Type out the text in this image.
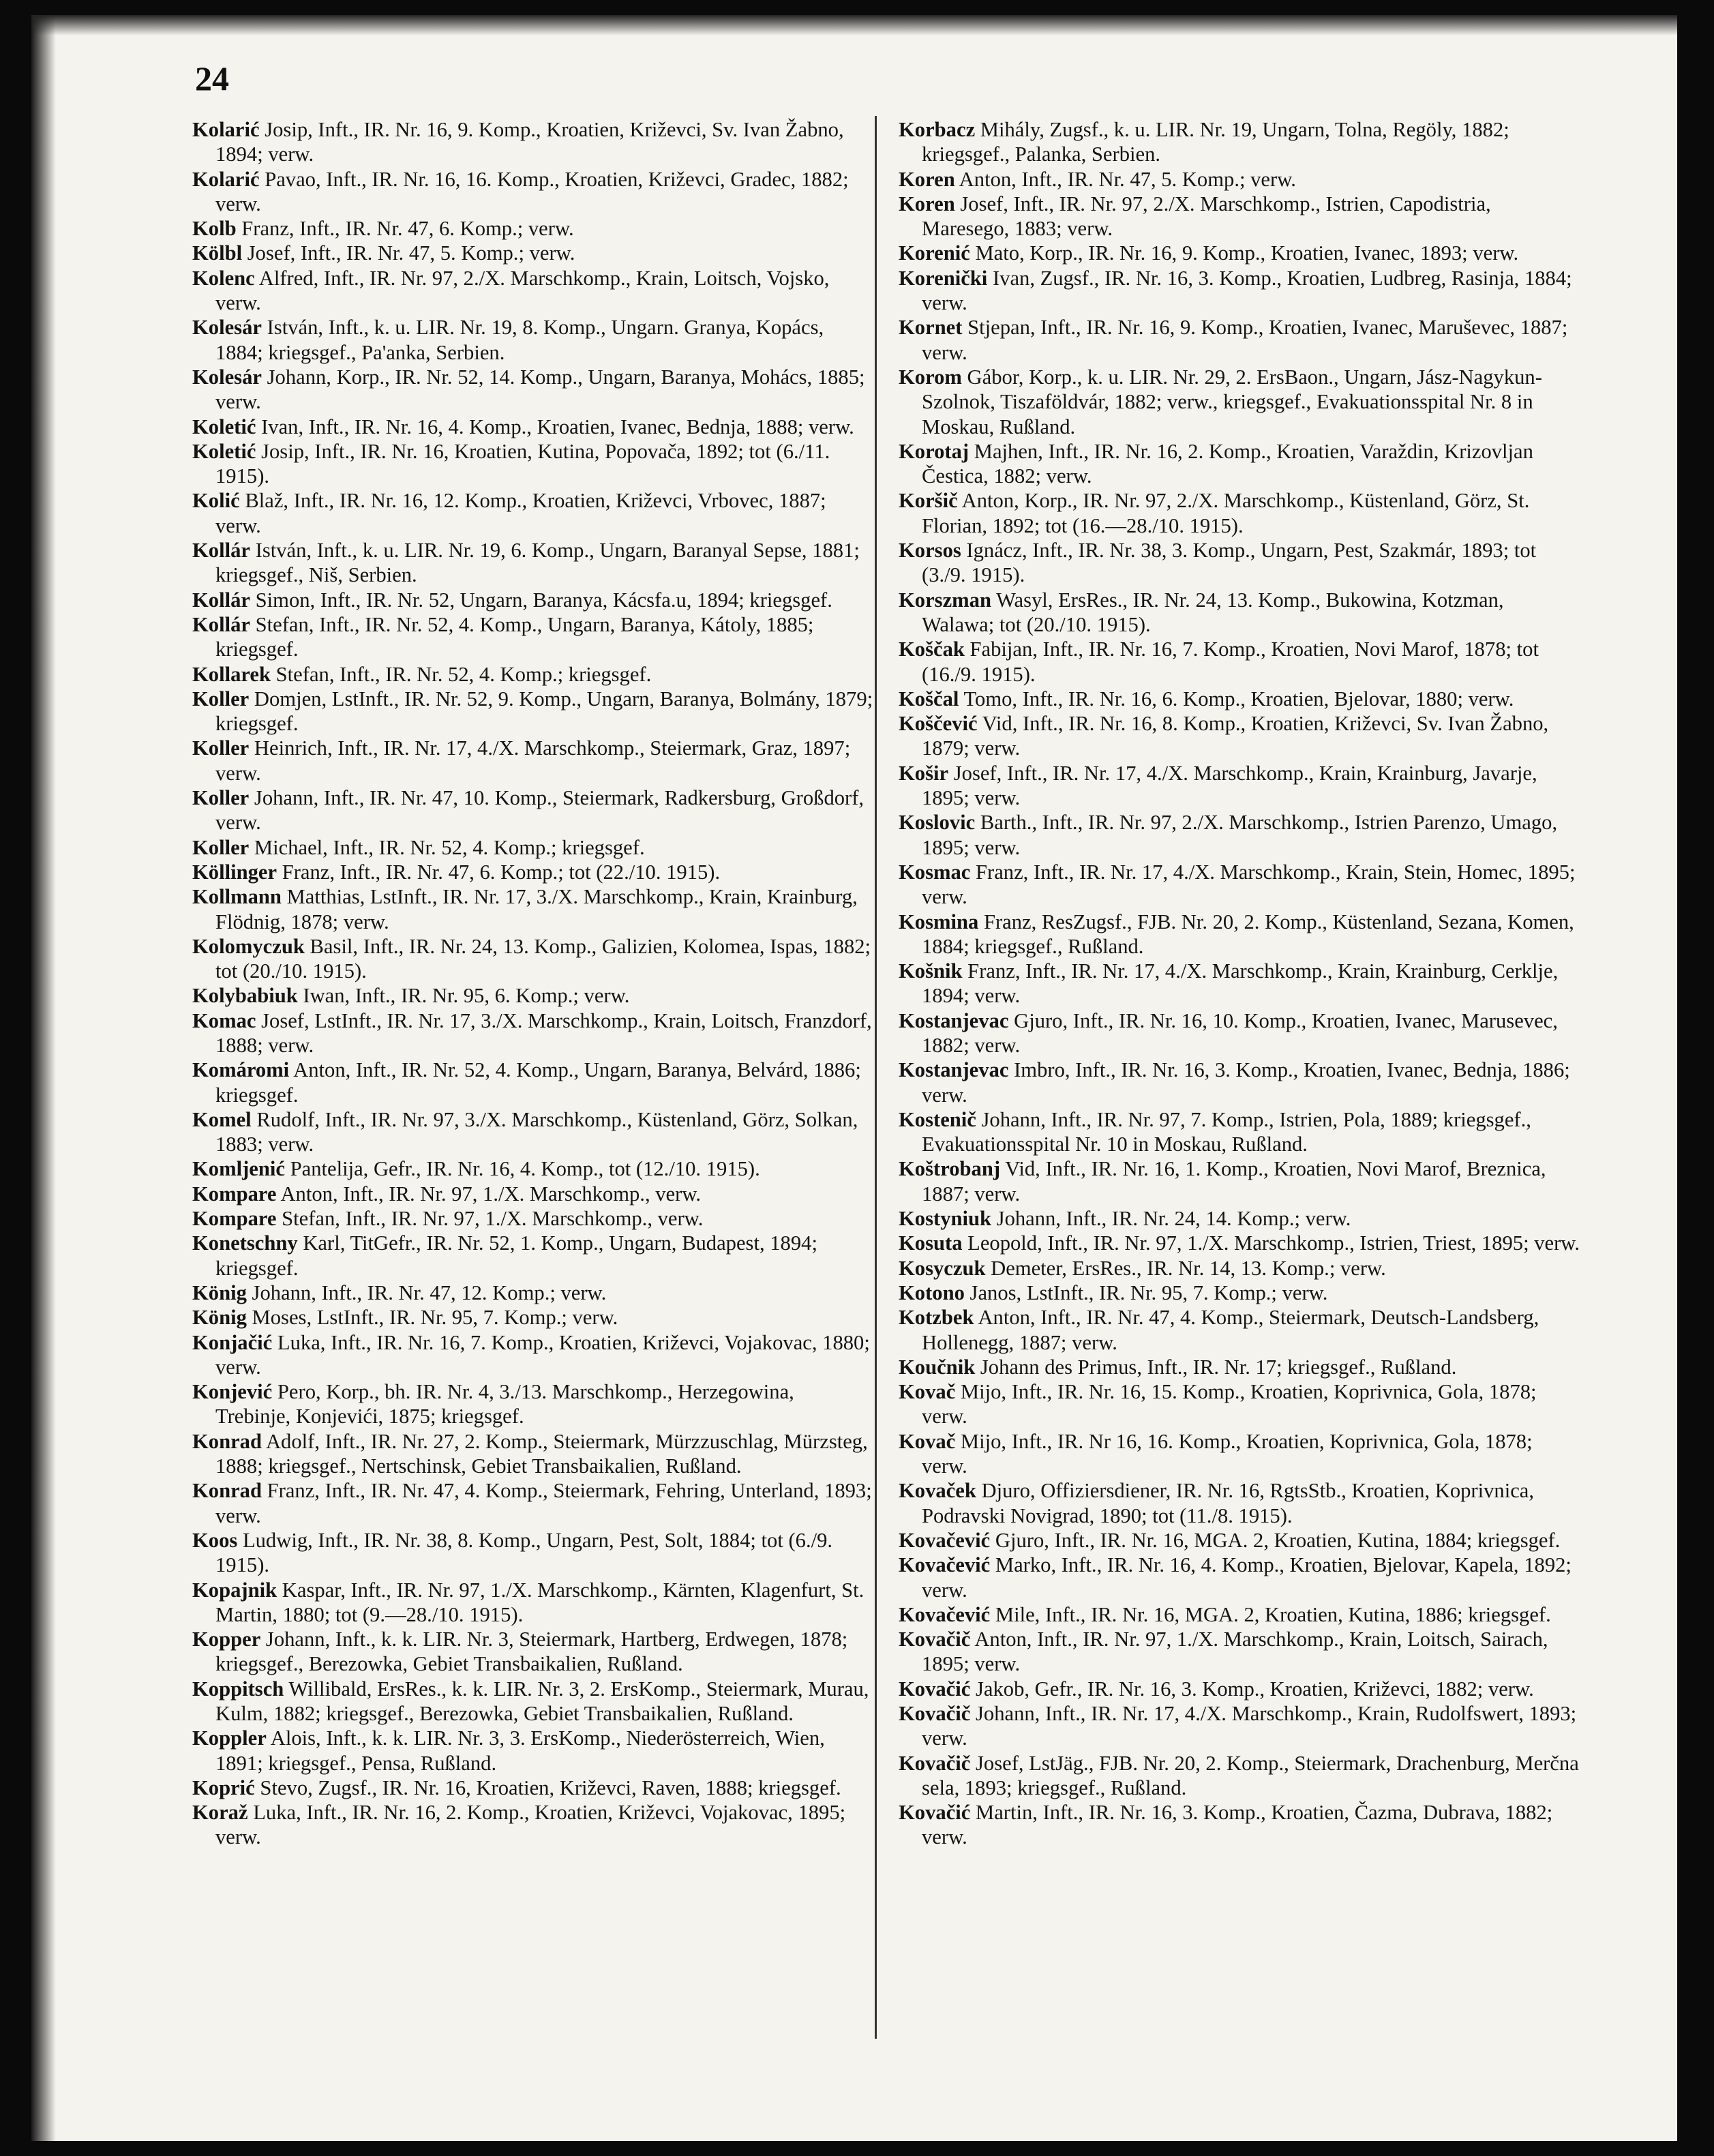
24

Kolarić Josip, Inft., IR. Nr. 16, 9. Komp., Kroatien, Križevci, Sv. Ivan Žabno, 1894; verw.

Kolarić Pavao, Inft., IR. Nr. 16, 16. Komp., Kroatien, Križevci, Gradec, 1882; verw.

Kolb Franz, Inft., IR. Nr. 47, 6. Komp.; verw.

Kölbl Josef, Inft., IR. Nr. 47, 5. Komp.; verw.

Kolenc Alfred, Inft., IR. Nr. 97, 2./X. Marschkomp., Krain, Loitsch, Vojsko, verw.

Kolesár István, Inft., k. u. LIR. Nr. 19, 8. Komp., Ungarn. Granya, Kopács, 1884; kriegsgef., Pa'anka, Serbien.

Kolesár Johann, Korp., IR. Nr. 52, 14. Komp., Ungarn, Baranya, Mohács, 1885; verw.

Koletić Ivan, Inft., IR. Nr. 16, 4. Komp., Kroatien, Ivanec, Bednja, 1888; verw.

Koletić Josip, Inft., IR. Nr. 16, Kroatien, Kutina, Popovača, 1892; tot (6./11. 1915).

Kolić Blaž, Inft., IR. Nr. 16, 12. Komp., Kroatien, Križevci, Vrbovec, 1887; verw.

Kollár István, Inft., k. u. LIR. Nr. 19, 6. Komp., Ungarn, Baranyal Sepse, 1881; kriegsgef., Niš, Serbien.

Kollár Simon, Inft., IR. Nr. 52, Ungarn, Baranya, Kácsfa.u, 1894; kriegsgef.

Kollár Stefan, Inft., IR. Nr. 52, 4. Komp., Ungarn, Baranya, Kátoly, 1885; kriegsgef.

Kollarek Stefan, Inft., IR. Nr. 52, 4. Komp.; kriegsgef.

Koller Domjen, LstInft., IR. Nr. 52, 9. Komp., Ungarn, Baranya, Bolmány, 1879; kriegsgef.

Koller Heinrich, Inft., IR. Nr. 17, 4./X. Marschkomp., Steiermark, Graz, 1897; verw.

Koller Johann, Inft., IR. Nr. 47, 10. Komp., Steiermark, Radkersburg, Großdorf, verw.

Koller Michael, Inft., IR. Nr. 52, 4. Komp.; kriegsgef.

Köllinger Franz, Inft., IR. Nr. 47, 6. Komp.; tot (22./10. 1915).

Kollmann Matthias, LstInft., IR. Nr. 17, 3./X. Marschkomp., Krain, Krainburg, Flödnig, 1878; verw.

Kolomyczuk Basil, Inft., IR. Nr. 24, 13. Komp., Galizien, Kolomea, Ispas, 1882; tot (20./10. 1915).

Kolybabiuk Iwan, Inft., IR. Nr. 95, 6. Komp.; verw.

Komac Josef, LstInft., IR. Nr. 17, 3./X. Marschkomp., Krain, Loitsch, Franzdorf, 1888; verw.

Komáromi Anton, Inft., IR. Nr. 52, 4. Komp., Ungarn, Baranya, Belvárd, 1886; kriegsgef.

Komel Rudolf, Inft., IR. Nr. 97, 3./X. Marschkomp., Küstenland, Görz, Solkan, 1883; verw.

Komljenić Pantelija, Gefr., IR. Nr. 16, 4. Komp., tot (12./10. 1915).

Kompare Anton, Inft., IR. Nr. 97, 1./X. Marschkomp., verw.

Kompare Stefan, Inft., IR. Nr. 97, 1./X. Marschkomp., verw.

Konetschny Karl, TitGefr., IR. Nr. 52, 1. Komp., Ungarn, Budapest, 1894; kriegsgef.

König Johann, Inft., IR. Nr. 47, 12. Komp.; verw.

König Moses, LstInft., IR. Nr. 95, 7. Komp.; verw.

Konjačić Luka, Inft., IR. Nr. 16, 7. Komp., Kroatien, Križevci, Vojakovac, 1880; verw.

Konjević Pero, Korp., bh. IR. Nr. 4, 3./13. Marschkomp., Herzegowina, Trebinje, Konjevići, 1875; kriegsgef.

Konrad Adolf, Inft., IR. Nr. 27, 2. Komp., Steiermark, Mürzzuschlag, Mürzsteg, 1888; kriegsgef., Nertschinsk, Gebiet Transbaikalien, Rußland.

Konrad Franz, Inft., IR. Nr. 47, 4. Komp., Steiermark, Fehring, Unterland, 1893; verw.

Koos Ludwig, Inft., IR. Nr. 38, 8. Komp., Ungarn, Pest, Solt, 1884; tot (6./9. 1915).

Kopajnik Kaspar, Inft., IR. Nr. 97, 1./X. Marschkomp., Kärnten, Klagenfurt, St. Martin, 1880; tot (9.—28./10. 1915).

Kopper Johann, Inft., k. k. LIR. Nr. 3, Steiermark, Hartberg, Erdwegen, 1878; kriegsgef., Berezowka, Gebiet Transbaikalien, Rußland.

Koppitsch Willibald, ErsRes., k. k. LIR. Nr. 3, 2. ErsKomp., Steiermark, Murau, Kulm, 1882; kriegsgef., Berezowka, Gebiet Transbaikalien, Rußland.

Koppler Alois, Inft., k. k. LIR. Nr. 3, 3. ErsKomp., Niederösterreich, Wien, 1891; kriegsgef., Pensa, Rußland.

Koprić Stevo, Zugsf., IR. Nr. 16, Kroatien, Križevci, Raven, 1888; kriegsgef.

Koraž Luka, Inft., IR. Nr. 16, 2. Komp., Kroatien, Križevci, Vojakovac, 1895; verw.

Korbacz Mihály, Zugsf., k. u. LIR. Nr. 19, Ungarn, Tolna, Regöly, 1882; kriegsgef., Palanka, Serbien.

Koren Anton, Inft., IR. Nr. 47, 5. Komp.; verw.

Koren Josef, Inft., IR. Nr. 97, 2./X. Marschkomp., Istrien, Capodistria, Maresego, 1883; verw.

Korenić Mato, Korp., IR. Nr. 16, 9. Komp., Kroatien, Ivanec, 1893; verw.

Korenički Ivan, Zugsf., IR. Nr. 16, 3. Komp., Kroatien, Ludbreg, Rasinja, 1884; verw.

Kornet Stjepan, Inft., IR. Nr. 16, 9. Komp., Kroatien, Ivanec, Maruševec, 1887; verw.

Korom Gábor, Korp., k. u. LIR. Nr. 29, 2. ErsBaon., Ungarn, Jász-Nagykun-Szolnok, Tiszaföldvár, 1882; verw., kriegsgef., Evakuationsspital Nr. 8 in Moskau, Rußland.

Korotaj Majhen, Inft., IR. Nr. 16, 2. Komp., Kroatien, Varaždin, Krizovljan Čestica, 1882; verw.

Koršič Anton, Korp., IR. Nr. 97, 2./X. Marschkomp., Küstenland, Görz, St. Florian, 1892; tot (16.—28./10. 1915).

Korsos Ignácz, Inft., IR. Nr. 38, 3. Komp., Ungarn, Pest, Szakmár, 1893; tot (3./9. 1915).

Korszman Wasyl, ErsRes., IR. Nr. 24, 13. Komp., Bukowina, Kotzman, Walawa; tot (20./10. 1915).

Koščak Fabijan, Inft., IR. Nr. 16, 7. Komp., Kroatien, Novi Marof, 1878; tot (16./9. 1915).

Koščal Tomo, Inft., IR. Nr. 16, 6. Komp., Kroatien, Bjelovar, 1880; verw.

Koščević Vid, Inft., IR. Nr. 16, 8. Komp., Kroatien, Križevci, Sv. Ivan Žabno, 1879; verw.

Košir Josef, Inft., IR. Nr. 17, 4./X. Marschkomp., Krain, Krainburg, Javarje, 1895; verw.

Koslovic Barth., Inft., IR. Nr. 97, 2./X. Marschkomp., Istrien Parenzo, Umago, 1895; verw.

Kosmac Franz, Inft., IR. Nr. 17, 4./X. Marschkomp., Krain, Stein, Homec, 1895; verw.

Kosmina Franz, ResZugsf., FJB. Nr. 20, 2. Komp., Küstenland, Sezana, Komen, 1884; kriegsgef., Rußland.

Košnik Franz, Inft., IR. Nr. 17, 4./X. Marschkomp., Krain, Krainburg, Cerklje, 1894; verw.

Kostanjevac Gjuro, Inft., IR. Nr. 16, 10. Komp., Kroatien, Ivanec, Marusevec, 1882; verw.

Kostanjevac Imbro, Inft., IR. Nr. 16, 3. Komp., Kroatien, Ivanec, Bednja, 1886; verw.

Kostenič Johann, Inft., IR. Nr. 97, 7. Komp., Istrien, Pola, 1889; kriegsgef., Evakuationsspital Nr. 10 in Moskau, Rußland.

Koštrobanj Vid, Inft., IR. Nr. 16, 1. Komp., Kroatien, Novi Marof, Breznica, 1887; verw.

Kostyniuk Johann, Inft., IR. Nr. 24, 14. Komp.; verw.

Kosuta Leopold, Inft., IR. Nr. 97, 1./X. Marschkomp., Istrien, Triest, 1895; verw.

Kosyczuk Demeter, ErsRes., IR. Nr. 14, 13. Komp.; verw.

Kotono Janos, LstInft., IR. Nr. 95, 7. Komp.; verw.

Kotzbek Anton, Inft., IR. Nr. 47, 4. Komp., Steiermark, Deutsch-Landsberg, Hollenegg, 1887; verw.

Koučnik Johann des Primus, Inft., IR. Nr. 17; kriegsgef., Rußland.

Kovač Mijo, Inft., IR. Nr. 16, 15. Komp., Kroatien, Koprivnica, Gola, 1878; verw.

Kovač Mijo, Inft., IR. Nr 16, 16. Komp., Kroatien, Koprivnica, Gola, 1878; verw.

Kovaček Djuro, Offiziersdiener, IR. Nr. 16, RgtsStb., Kroatien, Koprivnica, Podravski Novigrad, 1890; tot (11./8. 1915).

Kovačević Gjuro, Inft., IR. Nr. 16, MGA. 2, Kroatien, Kutina, 1884; kriegsgef.

Kovačević Marko, Inft., IR. Nr. 16, 4. Komp., Kroatien, Bjelovar, Kapela, 1892; verw.

Kovačević Mile, Inft., IR. Nr. 16, MGA. 2, Kroatien, Kutina, 1886; kriegsgef.

Kovačič Anton, Inft., IR. Nr. 97, 1./X. Marschkomp., Krain, Loitsch, Sairach, 1895; verw.

Kovačić Jakob, Gefr., IR. Nr. 16, 3. Komp., Kroatien, Križevci, 1882; verw.

Kovačič Johann, Inft., IR. Nr. 17, 4./X. Marschkomp., Krain, Rudolfswert, 1893; verw.

Kovačič Josef, LstJäg., FJB. Nr. 20, 2. Komp., Steiermark, Drachenburg, Merčna sela, 1893; kriegsgef., Rußland.

Kovačić Martin, Inft., IR. Nr. 16, 3. Komp., Kroatien, Čazma, Dubrava, 1882; verw.
